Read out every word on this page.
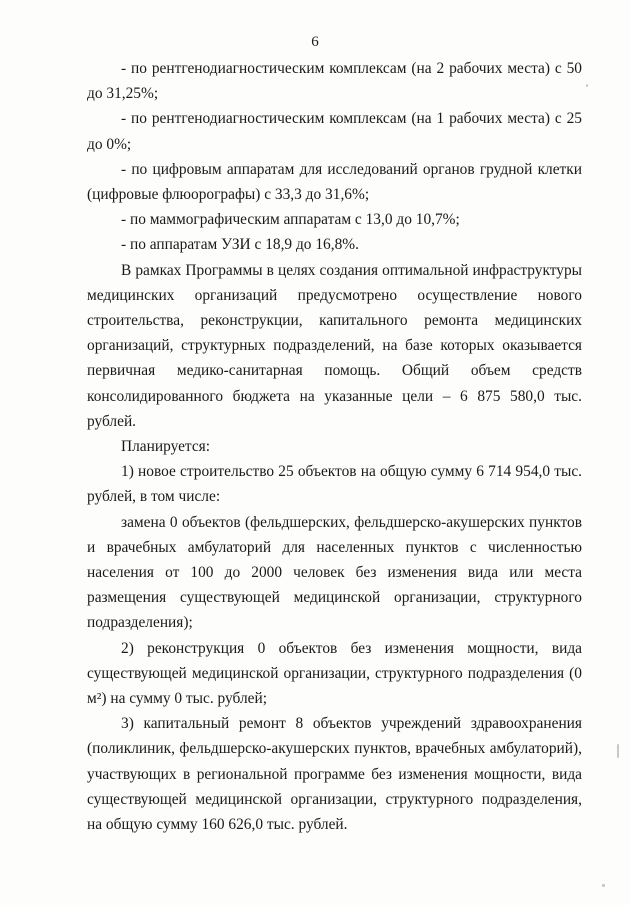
6

- по рентгенодиагностическим комплексам (на 2 рабочих места) с 50 до 31,25%;

- по рентгенодиагностическим комплексам (на 1 рабочих места) с 25 до 0%;

- по цифровым аппаратам для исследований органов грудной клетки (цифровые флюорографы) с 33,3 до 31,6%;

- по маммографическим аппаратам с 13,0 до 10,7%;

- по аппаратам УЗИ с 18,9 до 16,8%.

В рамках Программы в целях создания оптимальной инфраструктуры медицинских организаций предусмотрено осуществление нового строительства, реконструкции, капитального ремонта медицинских организаций, структурных подразделений, на базе которых оказывается первичная медико-санитарная помощь. Общий объем средств консолидированного бюджета на указанные цели – 6 875 580,0 тыс. рублей.

Планируется:

1) новое строительство 25 объектов на общую сумму 6 714 954,0 тыс. рублей, в том числе:

замена 0 объектов (фельдшерских, фельдшерско-акушерских пунктов и врачебных амбулаторий для населенных пунктов с численностью населения от 100 до 2000 человек без изменения вида или места размещения существующей медицинской организации, структурного подразделения);

2) реконструкция 0 объектов без изменения мощности, вида существующей медицинской организации, структурного подразделения (0 м²) на сумму 0 тыс. рублей;

3) капитальный ремонт 8 объектов учреждений здравоохранения (поликлиник, фельдшерско-акушерских пунктов, врачебных амбулаторий), участвующих в региональной программе без изменения мощности, вида существующей медицинской организации, структурного подразделения, на общую сумму 160 626,0 тыс. рублей.
